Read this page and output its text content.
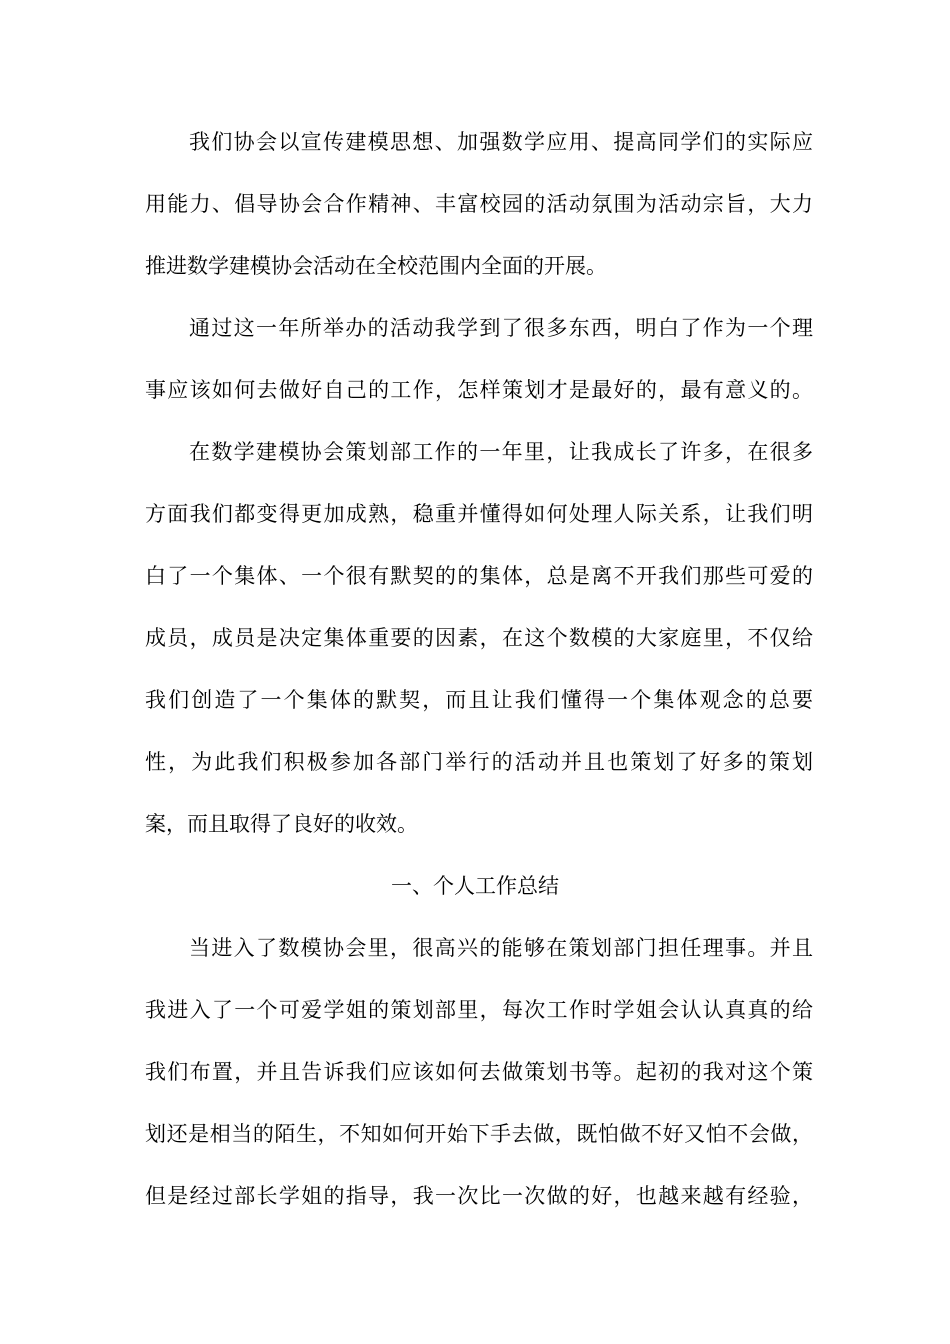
我们协会以宣传建模思想、加强数学应用、提高同学们的实际应
用能力、倡导协会合作精神、丰富校园的活动氛围为活动宗旨，大力
推进数学建模协会活动在全校范围内全面的开展。
通过这一年所举办的活动我学到了很多东西，明白了作为一个理
事应该如何去做好自己的工作，怎样策划才是最好的，最有意义的。
在数学建模协会策划部工作的一年里，让我成长了许多，在很多
方面我们都变得更加成熟，稳重并懂得如何处理人际关系，让我们明
白了一个集体、一个很有默契的的集体，总是离不开我们那些可爱的
成员，成员是决定集体重要的因素，在这个数模的大家庭里，不仅给
我们创造了一个集体的默契，而且让我们懂得一个集体观念的总要
性，为此我们积极参加各部门举行的活动并且也策划了好多的策划
案，而且取得了良好的收效。
一、个人工作总结
当进入了数模协会里，很高兴的能够在策划部门担任理事。并且
我进入了一个可爱学姐的策划部里，每次工作时学姐会认认真真的给
我们布置，并且告诉我们应该如何去做策划书等。起初的我对这个策
划还是相当的陌生，不知如何开始下手去做，既怕做不好又怕不会做，
但是经过部长学姐的指导，我一次比一次做的好，也越来越有经验，
